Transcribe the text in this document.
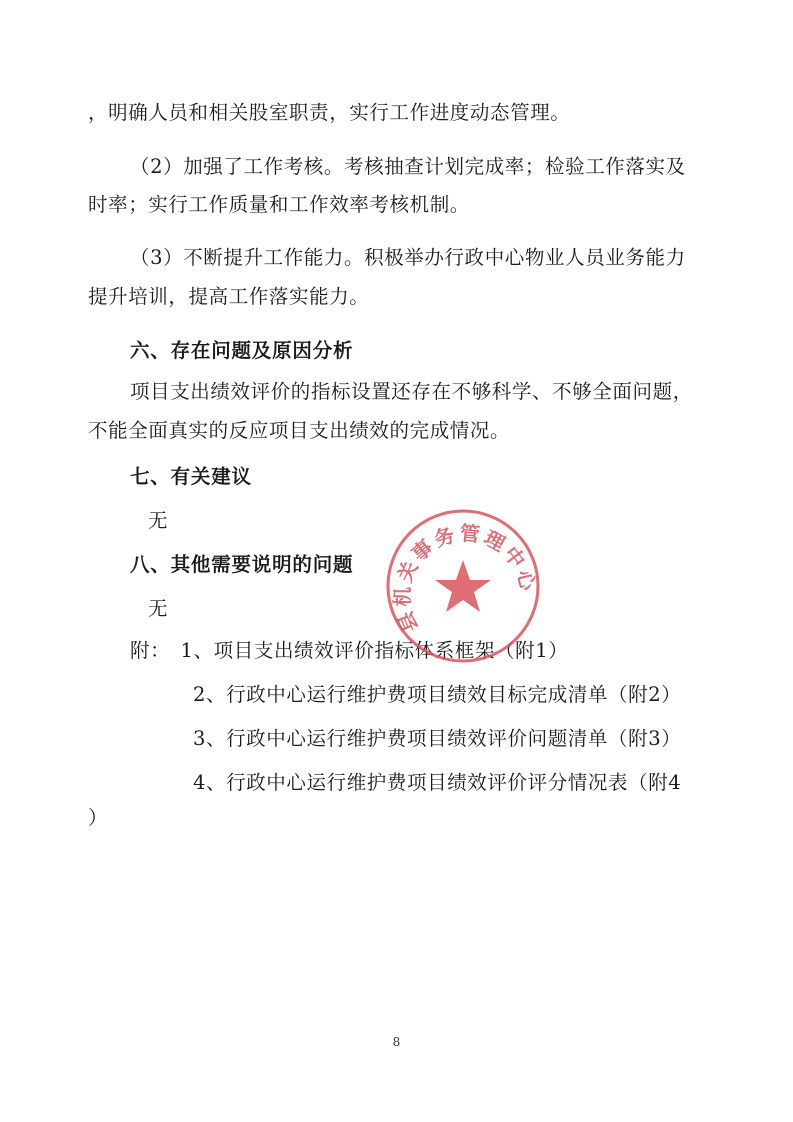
，明确人员和相关股室职责，实行工作进度动态管理。
（2）加强了工作考核。考核抽查计划完成率；检验工作落实及
时率；实行工作质量和工作效率考核机制。
（3）不断提升工作能力。积极举办行政中心物业人员业务能力
提升培训，提高工作落实能力。
六、存在问题及原因分析
项目支出绩效评价的指标设置还存在不够科学、不够全面问题，
不能全面真实的反应项目支出绩效的完成情况。
七、有关建议
无
八、其他需要说明的问题
无
附：　1、项目支出绩效评价指标体系框架（附1）
2、行政中心运行维护费项目绩效目标完成清单（附2）
3、行政中心运行维护费项目绩效评价问题清单（附3）
4、行政中心运行维护费项目绩效评价评分情况表（附4
）
县机关事务管理中心
8
